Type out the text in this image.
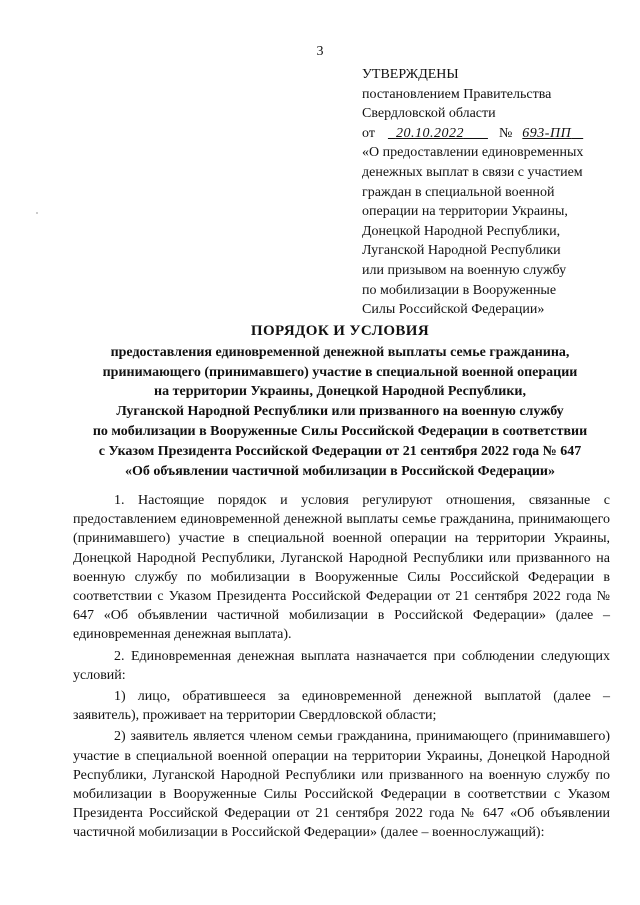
3
УТВЕРЖДЕНЫ
постановлением Правительства
Свердловской области
от 20.10.2022	№ 693-ПП
«О предоставлении единовременных
денежных выплат в связи с участием
граждан в специальной военной
операции на территории Украины,
Донецкой Народной Республики,
Луганской Народной Республики
или призывом на военную службу
по мобилизации в Вооруженные
Силы Российской Федерации»
ПОРЯДОК И УСЛОВИЯ
предоставления единовременной денежной выплаты семье гражданина,
принимающего (принимавшего) участие в специальной военной операции
на территории Украины, Донецкой Народной Республики,
Луганской Народной Республики или призванного на военную службу
по мобилизации в Вооруженные Силы Российской Федерации в соответствии
с Указом Президента Российской Федерации от 21 сентября 2022 года № 647
«Об объявлении частичной мобилизации в Российской Федерации»

1. Настоящие порядок и условия регулируют отношения, связанные с предоставлением единовременной денежной выплаты семье гражданина, принимающего (принимавшего) участие в специальной военной операции на территории Украины, Донецкой Народной Республики, Луганской Народной Республики или призванного на военную службу по мобилизации в Вооруженные Силы Российской Федерации в соответствии с Указом Президента Российской Федерации от 21 сентября 2022 года № 647 «Об объявлении частичной мобилизации в Российской Федерации» (далее – единовременная денежная выплата).

2. Единовременная денежная выплата назначается при соблюдении следующих условий:

1) лицо, обратившееся за единовременной денежной выплатой (далее – заявитель), проживает на территории Свердловской области;

2) заявитель является членом семьи гражданина, принимающего (принимавшего) участие в специальной военной операции на территории Украины, Донецкой Народной Республики, Луганской Народной Республики или призванного на военную службу по мобилизации в Вооруженные Силы Российской Федерации в соответствии с Указом Президента Российской Федерации от 21 сентября 2022 года № 647 «Об объявлении частичной мобилизации в Российской Федерации» (далее – военнослужащий):
